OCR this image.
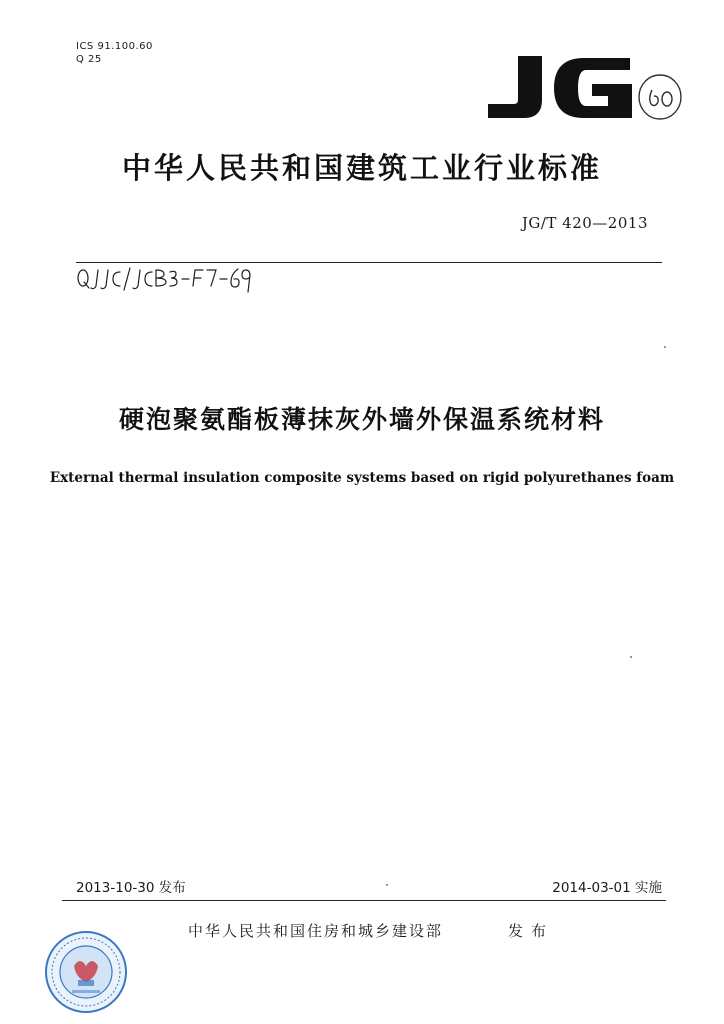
ICS 91.100.60
Q 25
中华人民共和国建筑工业行业标准
JG/T 420—2013
硬泡聚氨酯板薄抹灰外墙外保温系统材料
External thermal insulation composite systems based on rigid polyurethanes foam
2013-10-30 发布	2014-03-01 实施
中华人民共和国住房和城乡建设部	发布
